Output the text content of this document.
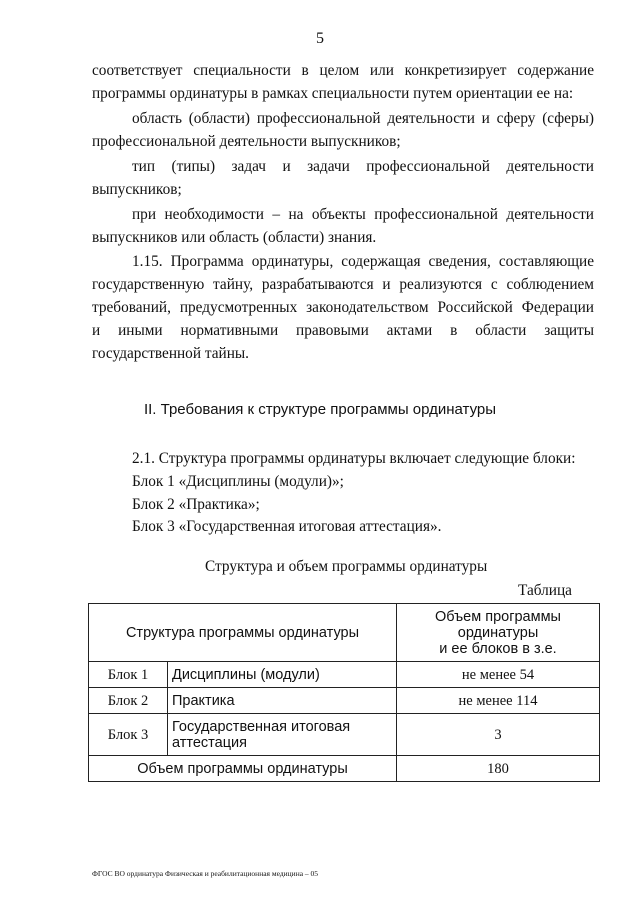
5
соответствует специальности в целом или конкретизирует содержание
программы ординатуры в рамках специальности путем ориентации ее на:
область (области) профессиональной деятельности и сферу (сферы)
профессиональной деятельности выпускников;
тип (типы) задач и задачи профессиональной деятельности
выпускников;
при необходимости – на объекты профессиональной деятельности
выпускников или область (области) знания.
1.15. Программа ординатуры, содержащая сведения, составляющие
государственную тайну, разрабатываются и реализуются с соблюдением
требований, предусмотренных законодательством Российской Федерации
и иными нормативными правовыми актами в области защиты
государственной тайны.
II. Требования к структуре программы ординатуры
2.1. Структура программы ординатуры включает следующие блоки:
Блок 1 «Дисциплины (модули)»;
Блок 2 «Практика»;
Блок 3 «Государственная итоговая аттестация».
Структура и объем программы ординатуры
Таблица
Структура программы ординатуры		Объем программы
ординатуры
и ее блоков в з.е.

Блок 1	Дисциплины (модули)	не менее 54
Блок 2	Практика	не менее 114
Блок 3	Государственная итоговая
аттестация	3
Объем программы ординатуры		180
ФГОС ВО ординатура Физическая и реабилитационная медицина – 05
